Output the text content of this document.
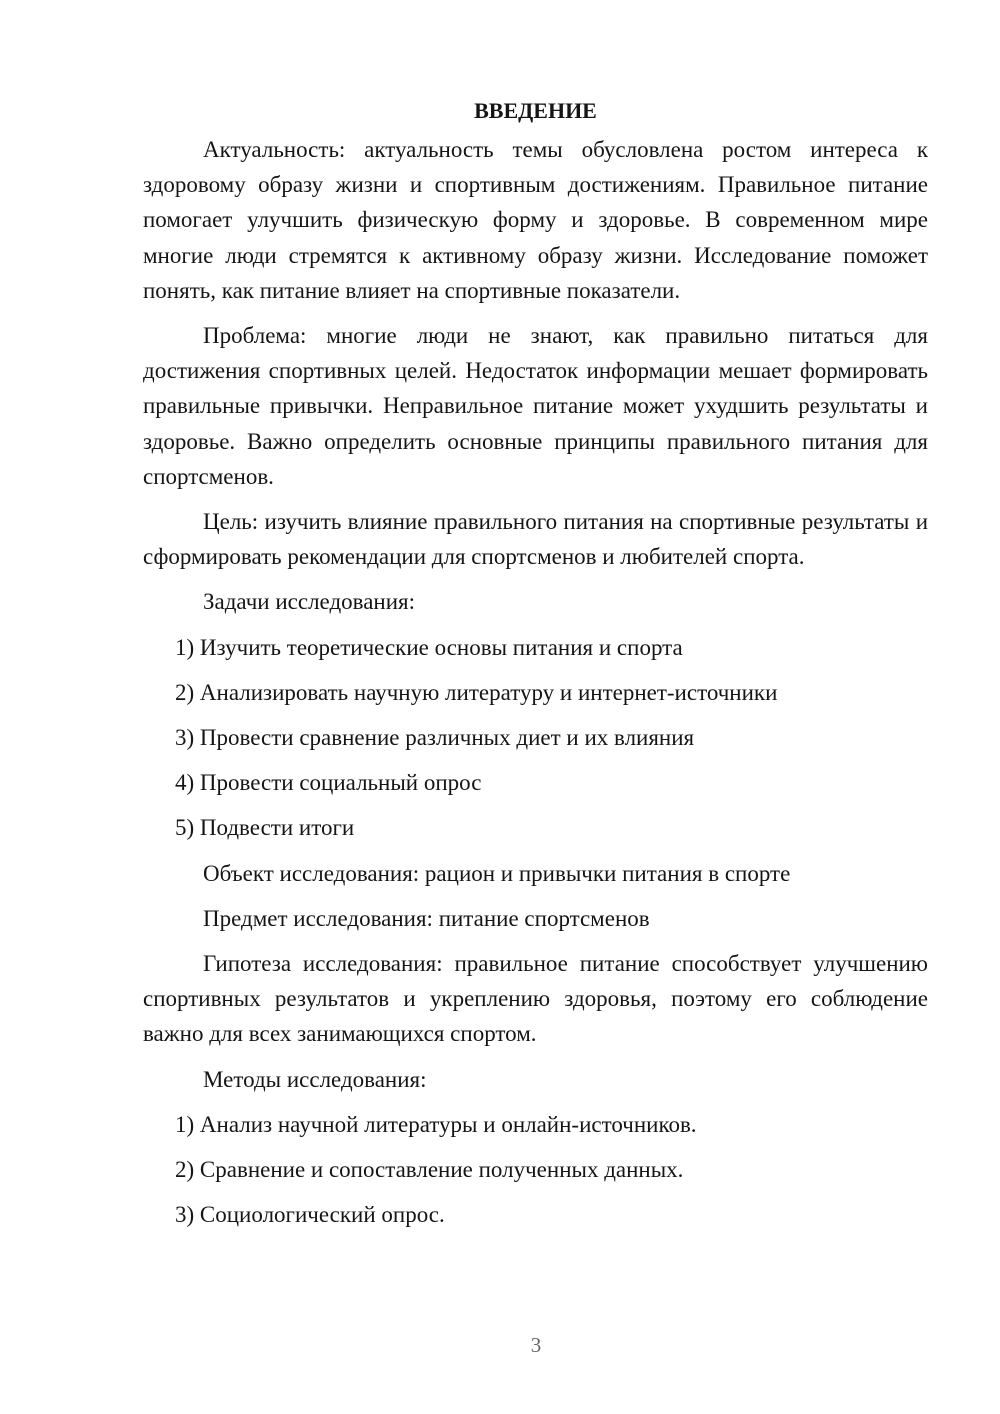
ВВЕДЕНИЕ

Актуальность: актуальность темы обусловлена ростом интереса к здоровому образу жизни и спортивным достижениям. Правильное питание помогает улучшить физическую форму и здоровье. В современном мире многие люди стремятся к активному образу жизни. Исследование поможет понять, как питание влияет на спортивные показатели.

Проблема: многие люди не знают, как правильно питаться для достижения спортивных целей. Недостаток информации мешает формировать правильные привычки. Неправильное питание может ухудшить результаты и здоровье. Важно определить основные принципы правильного питания для спортсменов.

Цель: изучить влияние правильного питания на спортивные результаты и сформировать рекомендации для спортсменов и любителей спорта.

Задачи исследования:

1) Изучить теоретические основы питания и спорта

2) Анализировать научную литературу и интернет-источники

3) Провести сравнение различных диет и их влияния

4) Провести социальный опрос

5) Подвести итоги

Объект исследования: рацион и привычки питания в спорте

Предмет исследования: питание спортсменов

Гипотеза исследования: правильное питание способствует улучшению спортивных результатов и укреплению здоровья, поэтому его соблюдение важно для всех занимающихся спортом.

Методы исследования:

1) Анализ научной литературы и онлайн-источников.

2) Сравнение и сопоставление полученных данных.

3) Социологический опрос.

3
